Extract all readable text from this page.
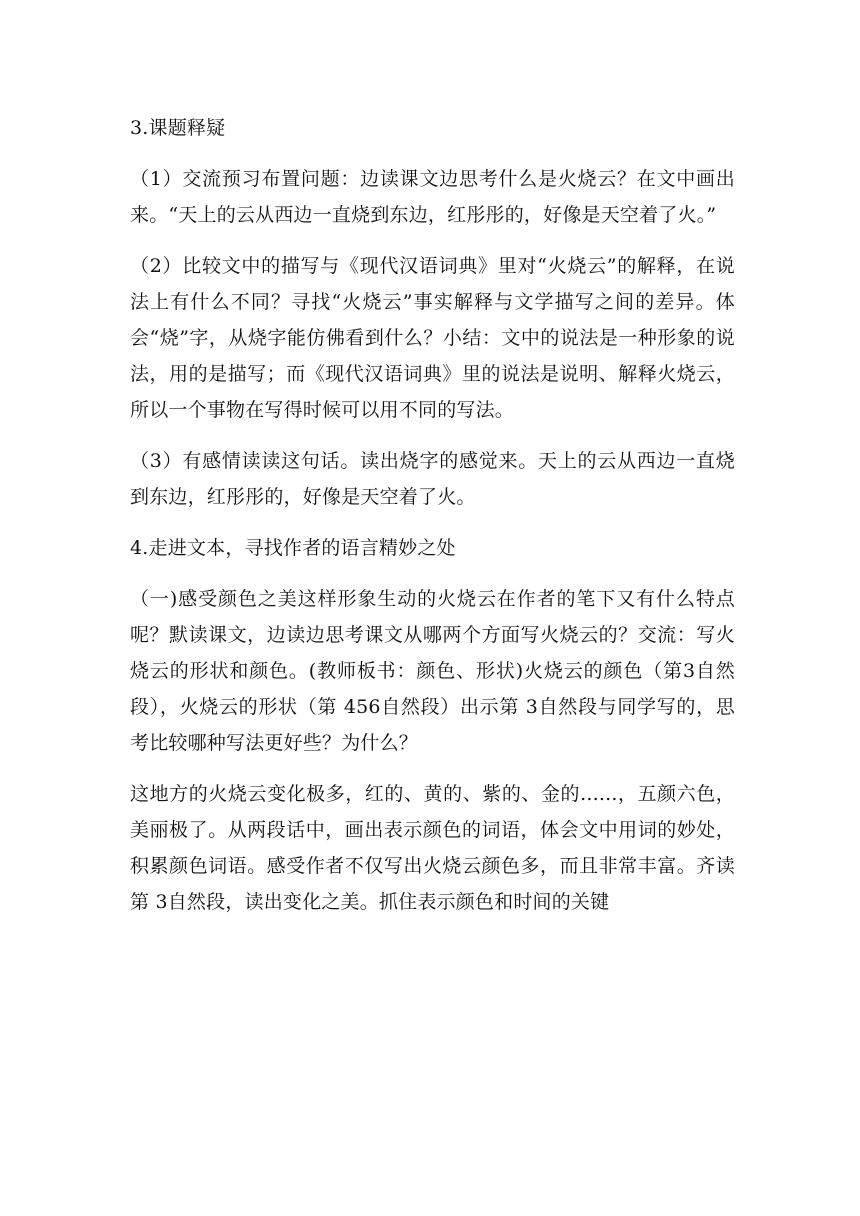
3.课题释疑

（1）交流预习布置问题：边读课文边思考什么是火烧云？在文中画出来。“天上的云从西边一直烧到东边，红彤彤的，好像是天空着了火。”

（2）比较文中的描写与《现代汉语词典》里对“火烧云”的解释，在说法上有什么不同？寻找“火烧云”事实解释与文学描写之间的差异。体会“烧”字，从烧字能仿佛看到什么？小结：文中的说法是一种形象的说法，用的是描写；而《现代汉语词典》里的说法是说明、解释火烧云，所以一个事物在写得时候可以用不同的写法。

（3）有感情读读这句话。读出烧字的感觉来。天上的云从西边一直烧到东边，红彤彤的，好像是天空着了火。

4.走进文本，寻找作者的语言精妙之处

（一)感受颜色之美这样形象生动的火烧云在作者的笔下又有什么特点呢？默读课文，边读边思考课文从哪两个方面写火烧云的？交流：写火烧云的形状和颜色。(教师板书：颜色、形状)火烧云的颜色（第3自然段），火烧云的形状（第 456自然段）出示第 3自然段与同学写的，思考比较哪种写法更好些？为什么？

这地方的火烧云变化极多，红的、黄的、紫的、金的......，五颜六色，美丽极了。从两段话中，画出表示颜色的词语，体会文中用词的妙处，积累颜色词语。感受作者不仅写出火烧云颜色多，而且非常丰富。齐读第 3自然段，读出变化之美。抓住表示颜色和时间的关键
